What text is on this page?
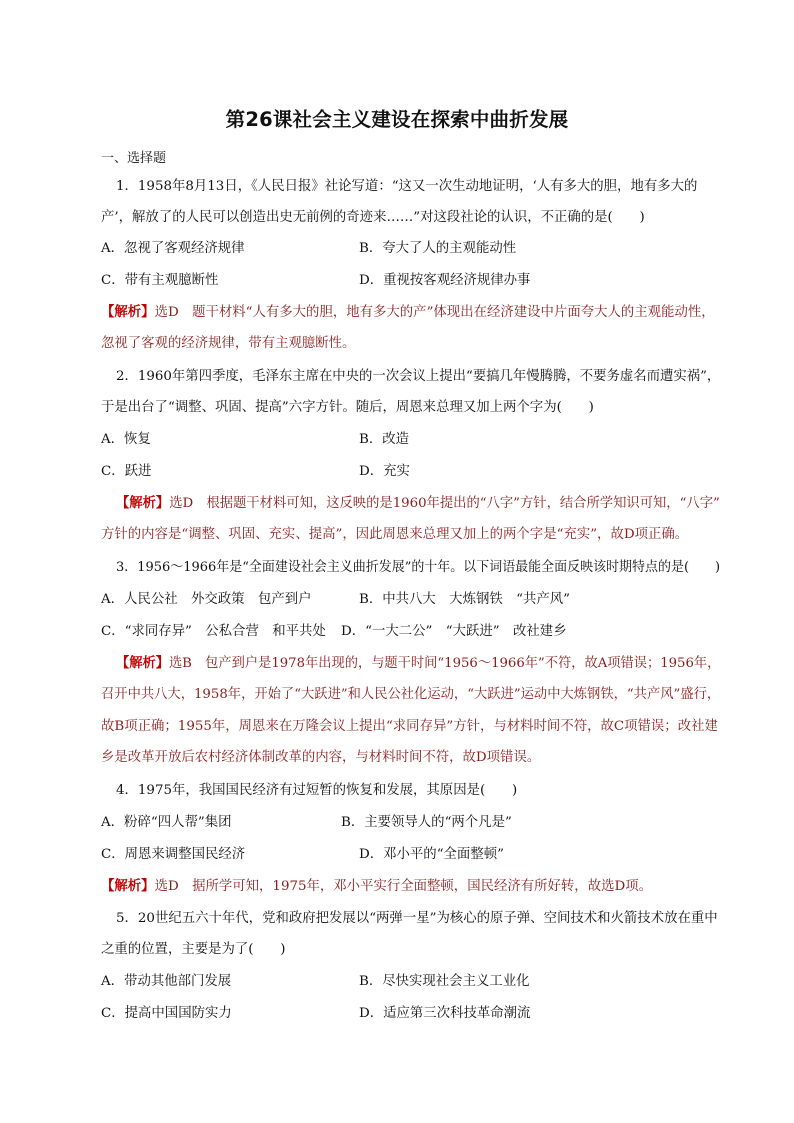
第26课社会主义建设在探索中曲折发展
一、选择题
1．1958年8月13日，《人民日报》社论写道：“这又一次生动地证明，‘人有多大的胆，地有多大的
产’，解放了的人民可以创造出史无前例的奇迹来……”对这段社论的认识，不正确的是(　　)
A．忽视了客观经济规律	B．夸大了人的主观能动性
C．带有主观臆断性	D．重视按客观经济规律办事
【解析】选D　题干材料“人有多大的胆，地有多大的产”体现出在经济建设中片面夸大人的主观能动性，
忽视了客观的经济规律，带有主观臆断性。
2．1960年第四季度，毛泽东主席在中央的一次会议上提出“要搞几年慢腾腾，不要务虚名而遭实祸”，
于是出台了“调整、巩固、提高”六字方针。随后，周恩来总理又加上两个字为(　　)
A．恢复	B．改造
C．跃进	D．充实
【解析】选D　根据题干材料可知，这反映的是1960年提出的“八字”方针，结合所学知识可知，“八字”
方针的内容是“调整、巩固、充实、提高”，因此周恩来总理又加上的两个字是“充实”，故D项正确。
3．1956～1966年是“全面建设社会主义曲折发展”的十年。以下词语最能全面反映该时期特点的是(　　)
A．人民公社　外交政策　包产到户	B．中共八大　大炼钢铁　“共产风”
C．“求同存异”　公私合营　和平共处 D．“一大二公”　“大跃进”　改社建乡
【解析】选B　包产到户是1978年出现的，与题干时间“1956～1966年”不符，故A项错误；1956年，
召开中共八大，1958年，开始了“大跃进”和人民公社化运动，“大跃进”运动中大炼钢铁，“共产风”盛行，
故B项正确；1955年，周恩来在万隆会议上提出“求同存异”方针，与材料时间不符，故C项错误；改社建
乡是改革开放后农村经济体制改革的内容，与材料时间不符，故D项错误。
4．1975年，我国国民经济有过短暂的恢复和发展，其原因是(　　)
A．粉碎“四人帮”集团	B．主要领导人的“两个凡是”
C．周恩来调整国民经济	D．邓小平的“全面整顿”
【解析】选D　据所学可知，1975年，邓小平实行全面整顿，国民经济有所好转，故选D项。
5．20世纪五六十年代，党和政府把发展以“两弹一星”为核心的原子弹、空间技术和火箭技术放在重中
之重的位置，主要是为了(　　)
A．带动其他部门发展	B．尽快实现社会主义工业化
C．提高中国国防实力	D．适应第三次科技革命潮流
